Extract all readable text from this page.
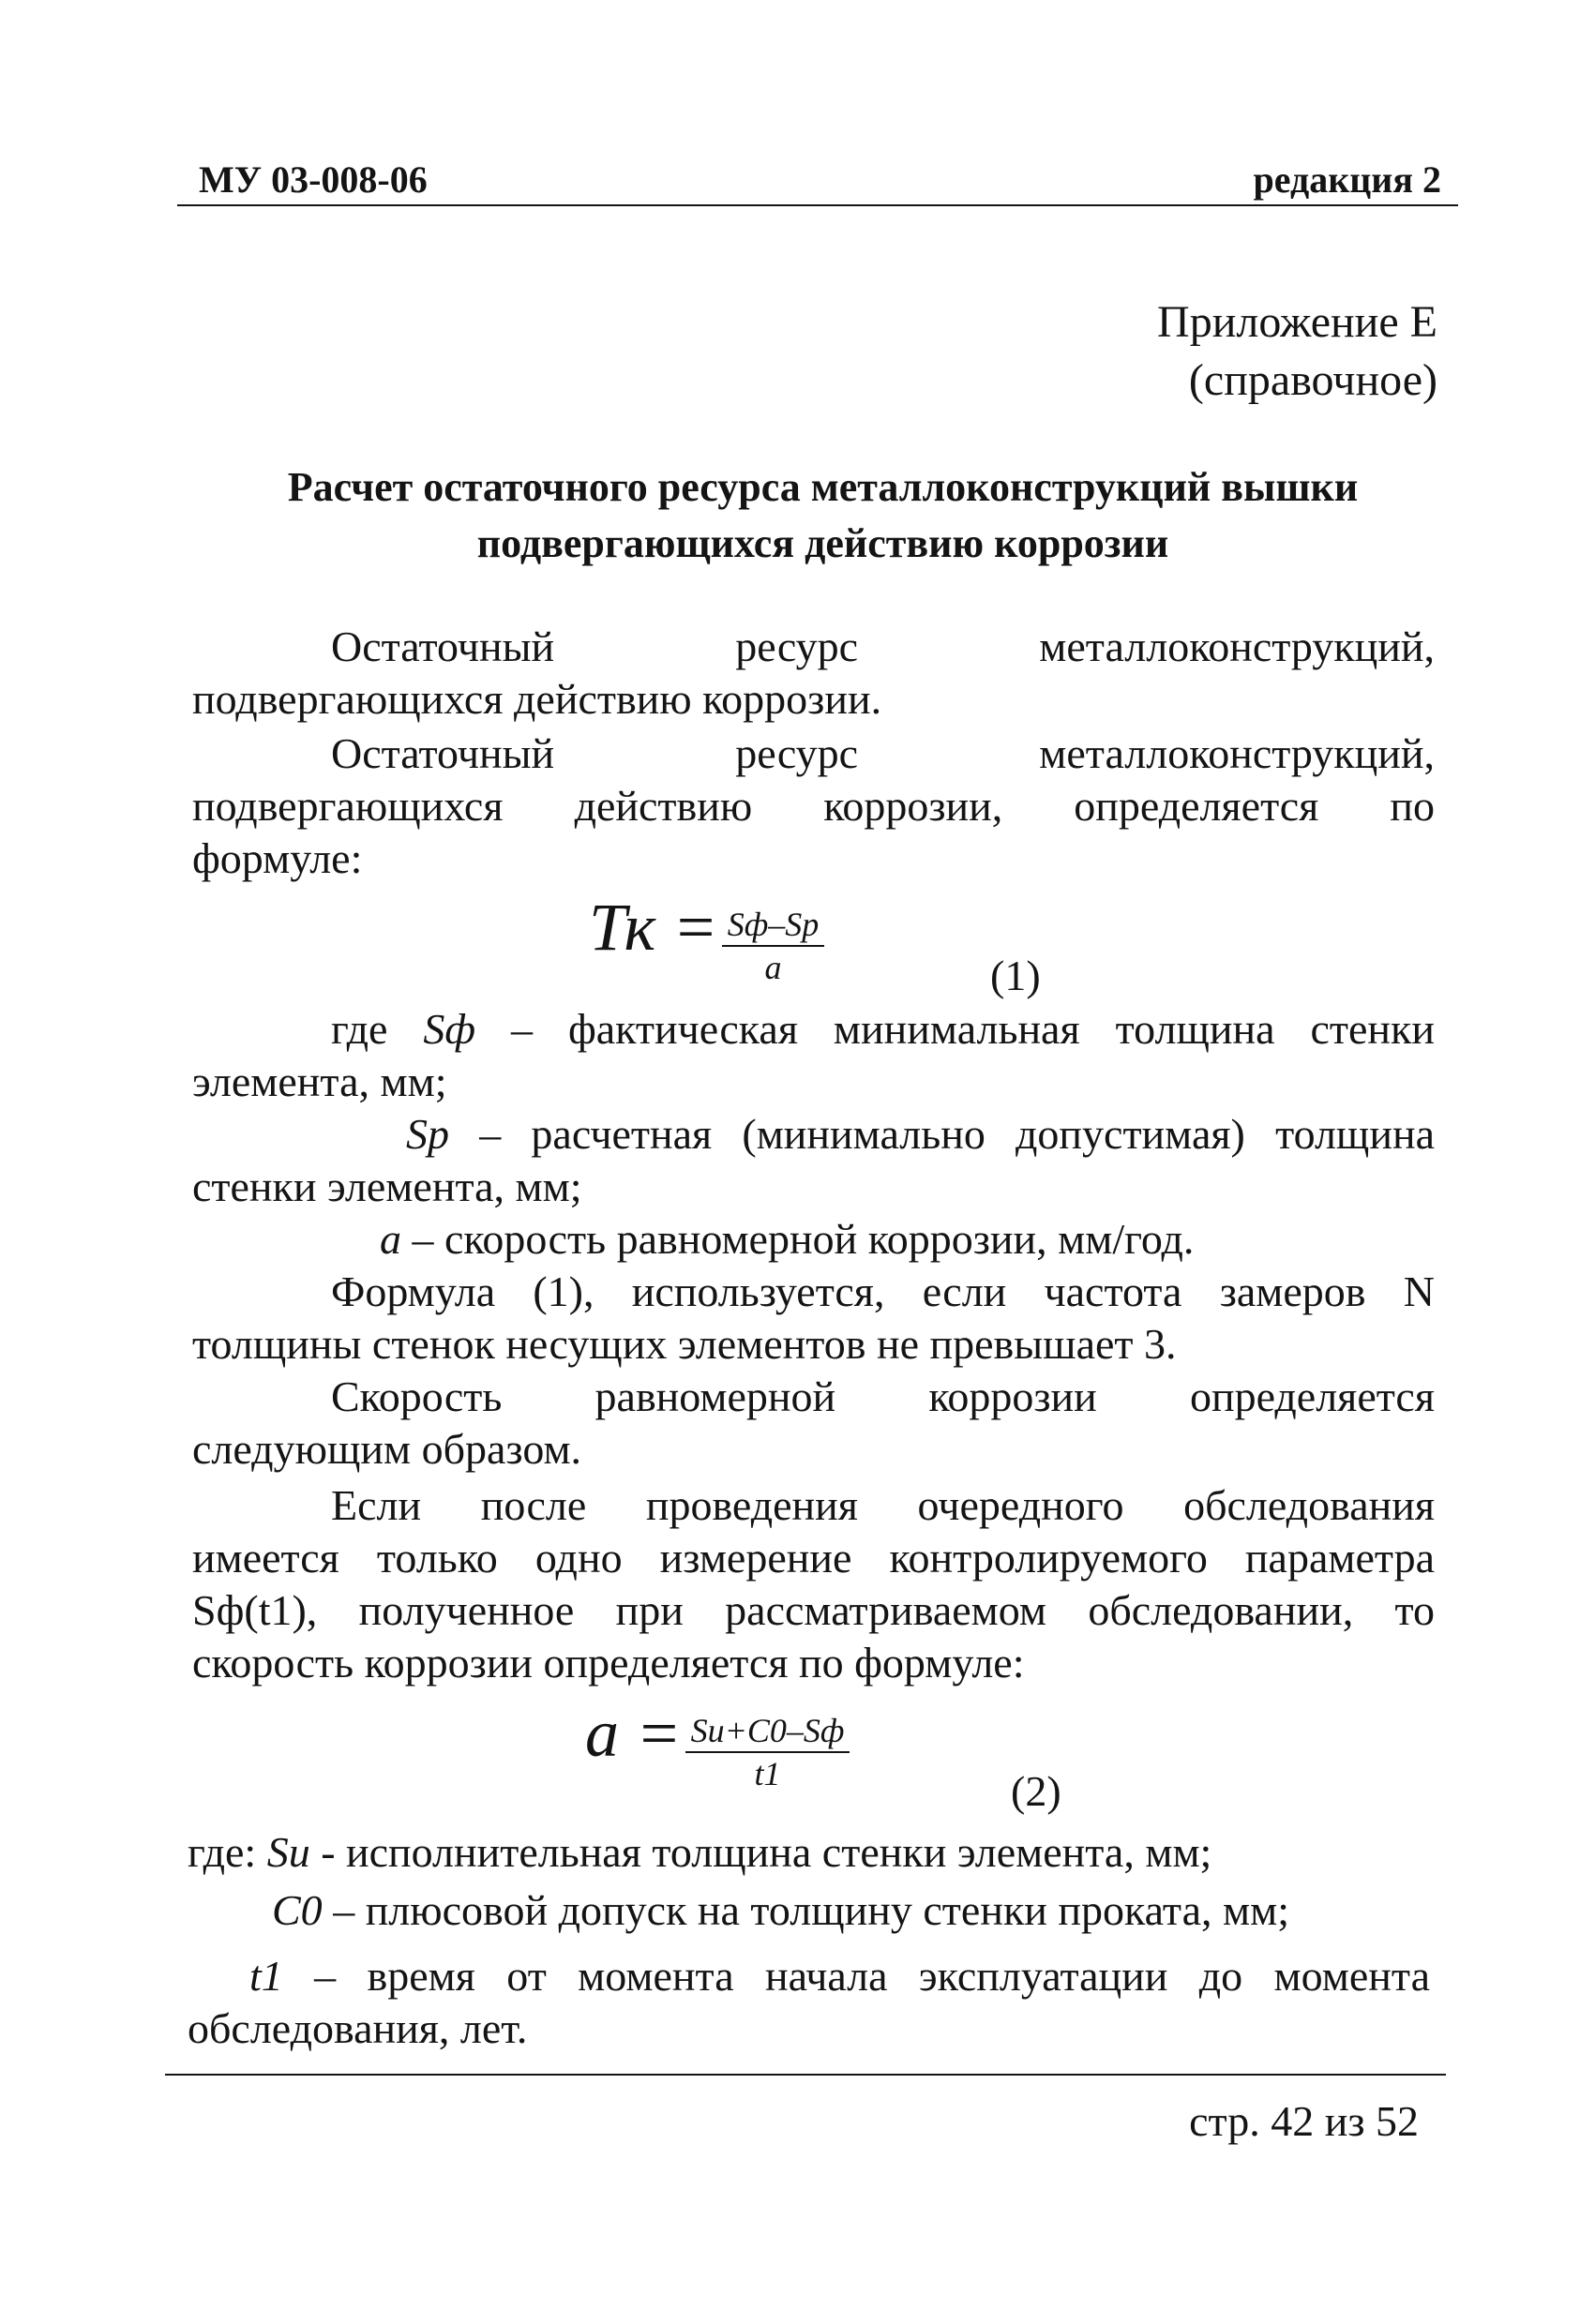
МУ 03-008-06	редакция 2
Приложение Е
(справочное)
Расчет остаточного ресурса металлоконструкций вышки
подвергающихся действию коррозии
Остаточный ресурс металлоконструкций,
подвергающихся действию коррозии.
Остаточный ресурс металлоконструкций,
подвергающихся действию коррозии, определяется по
формуле:
Тк = $\frac{Sф-Sp}{a}$	(1)
где Sф – фактическая минимальная толщина стенки
элемента, мм;
Sp – расчетная (минимально допустимая) толщина
стенки элемента, мм;
a – скорость равномерной коррозии, мм/год.
Формула (1), используется, если частота замеров N
толщины стенок несущих элементов не превышает 3.
Скорость равномерной коррозии определяется
следующим образом.
Если после проведения очередного обследования
имеется только одно измерение контролируемого параметра
Sф(t1), полученное при рассматриваемом обследовании, то
скорость коррозии определяется по формуле:
$a = \frac{Su+C0-Sф}{t1}$	(2)
где: Su - исполнительная толщина стенки элемента, мм;
C0 – плюсовой допуск на толщину стенки проката, мм;
t1 – время от момента начала эксплуатации до момента
обследования, лет.
стр. 42 из 52
